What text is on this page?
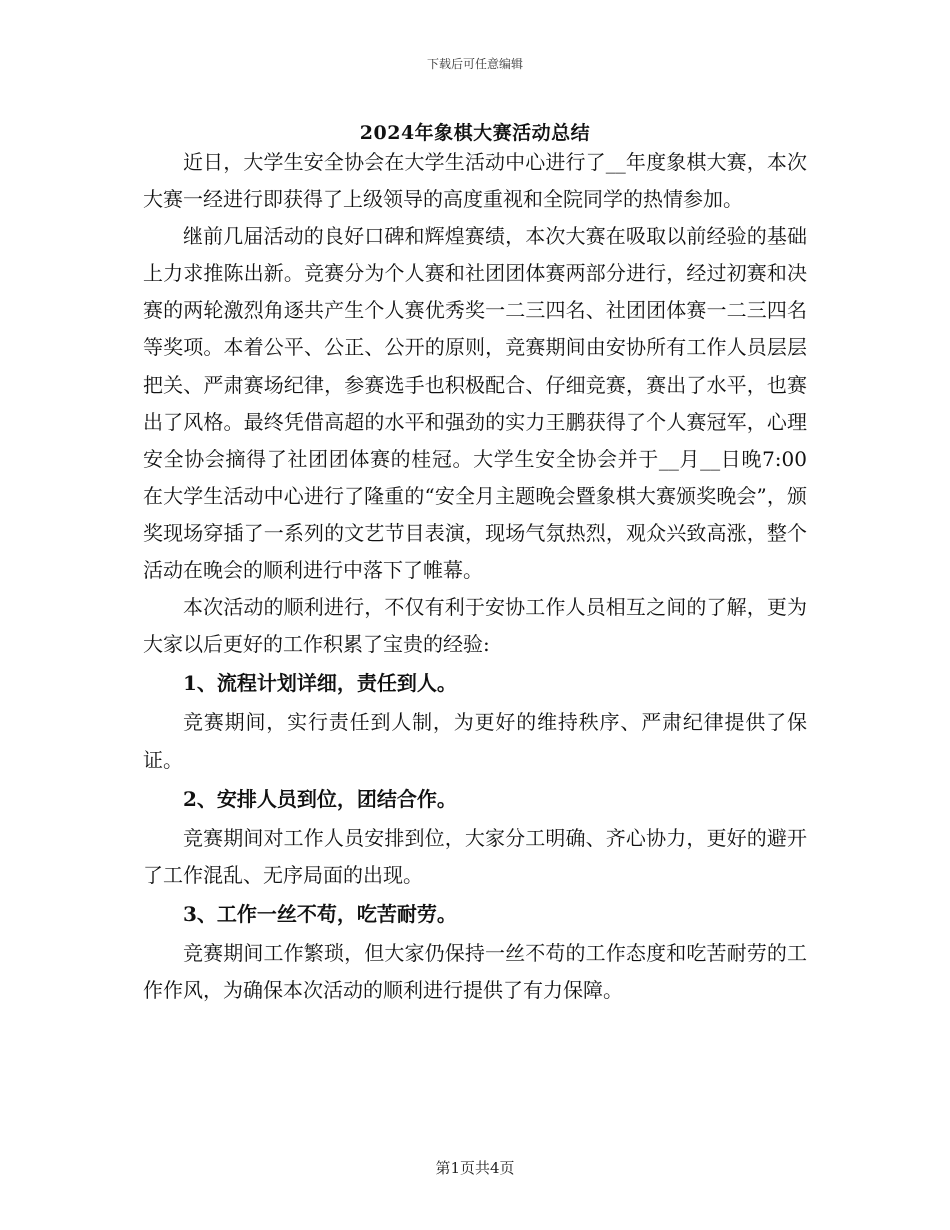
下载后可任意编辑
2024年象棋大赛活动总结

近日，大学生安全协会在大学生活动中心进行了__年度象棋大赛，本次大赛一经进行即获得了上级领导的高度重视和全院同学的热情参加。

继前几届活动的良好口碑和辉煌赛绩，本次大赛在吸取以前经验的基础上力求推陈出新。竞赛分为个人赛和社团团体赛两部分进行，经过初赛和决赛的两轮激烈角逐共产生个人赛优秀奖一二三四名、社团团体赛一二三四名等奖项。本着公平、公正、公开的原则，竞赛期间由安协所有工作人员层层把关、严肃赛场纪律，参赛选手也积极配合、仔细竞赛，赛出了水平，也赛出了风格。最终凭借高超的水平和强劲的实力王鹏获得了个人赛冠军，心理安全协会摘得了社团团体赛的桂冠。大学生安全协会并于__月__日晚7:00在大学生活动中心进行了隆重的“安全月主题晚会暨象棋大赛颁奖晚会”，颁奖现场穿插了一系列的文艺节目表演，现场气氛热烈，观众兴致高涨，整个活动在晚会的顺利进行中落下了帷幕。

本次活动的顺利进行，不仅有利于安协工作人员相互之间的了解，更为大家以后更好的工作积累了宝贵的经验:

1、流程计划详细，责任到人。

竞赛期间，实行责任到人制，为更好的维持秩序、严肃纪律提供了保证。

2、安排人员到位，团结合作。

竞赛期间对工作人员安排到位，大家分工明确、齐心协力，更好的避开了工作混乱、无序局面的出现。

3、工作一丝不苟，吃苦耐劳。

竞赛期间工作繁琐，但大家仍保持一丝不苟的工作态度和吃苦耐劳的工作作风，为确保本次活动的顺利进行提供了有力保障。

第1页共4页
